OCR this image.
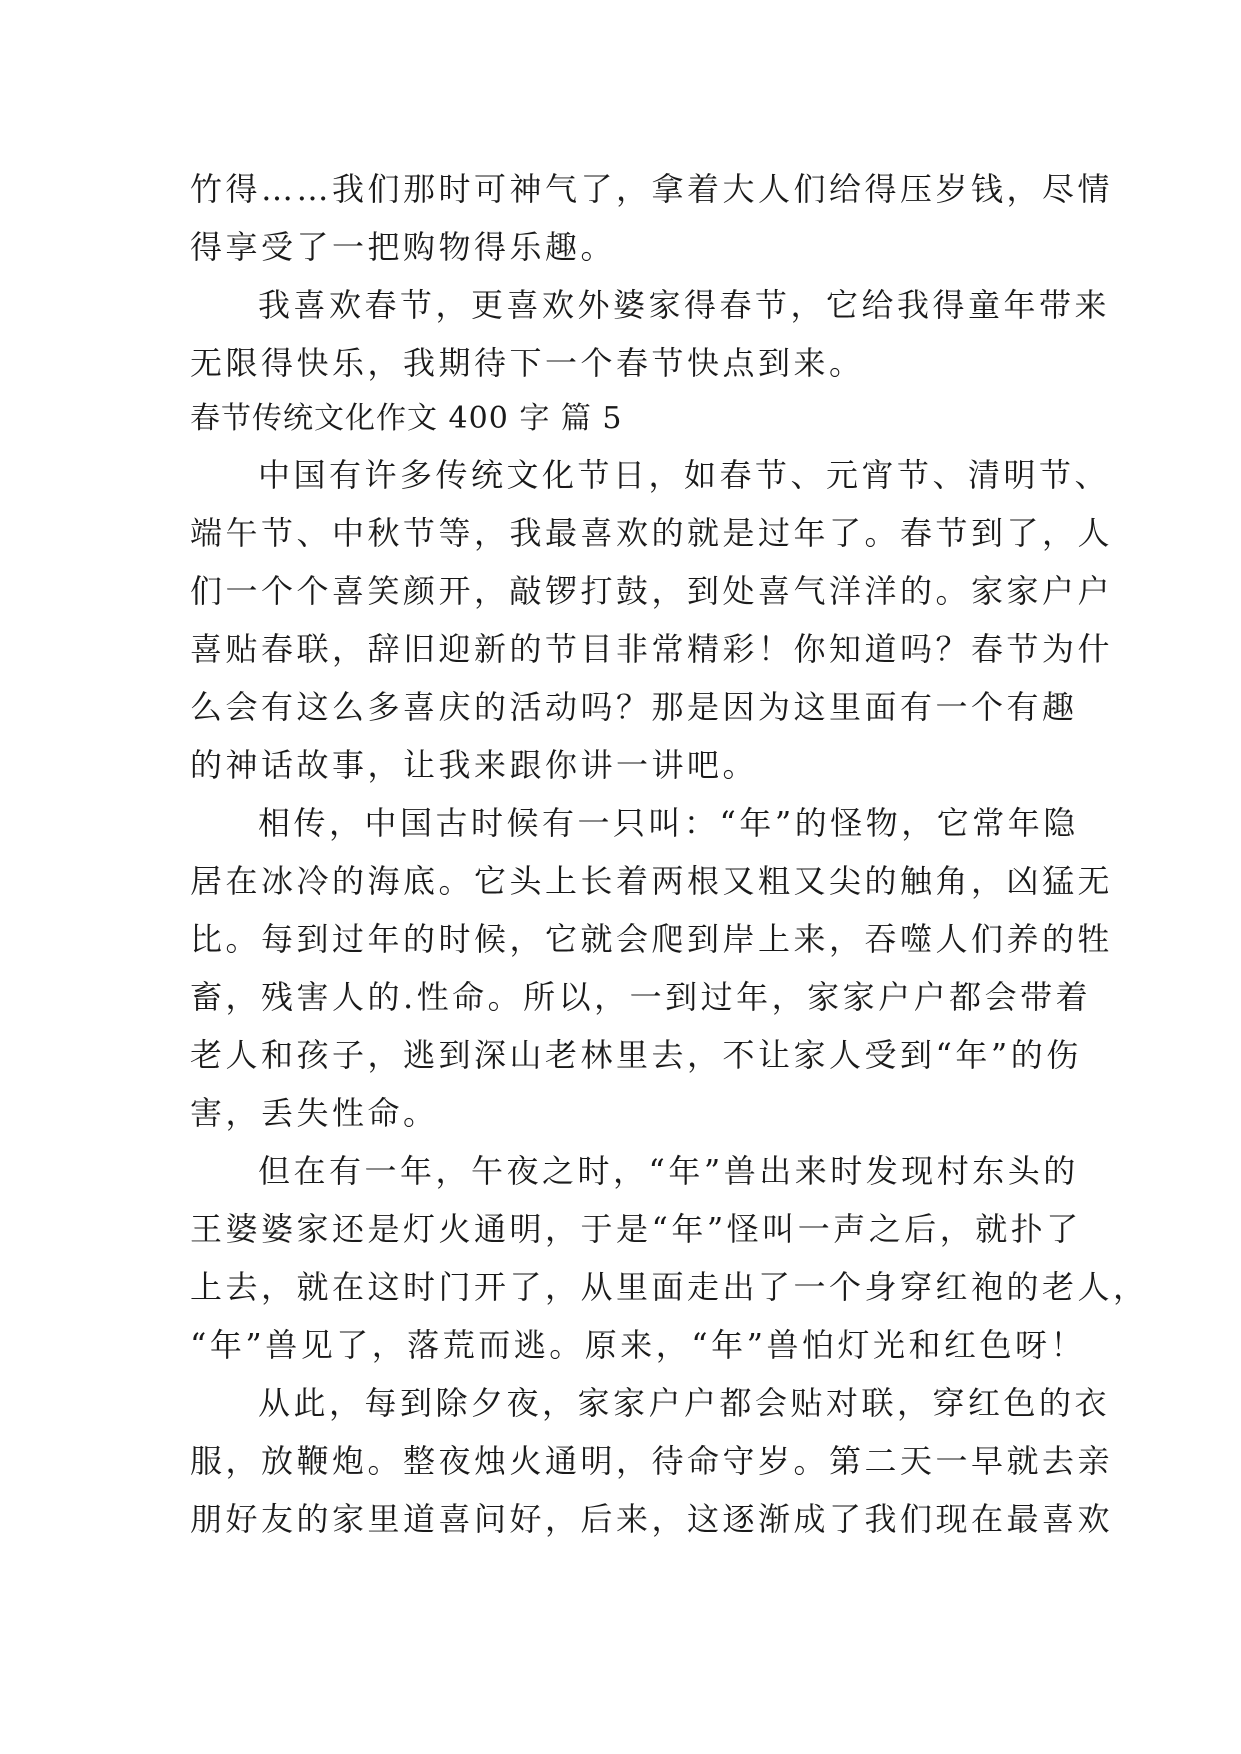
竹得……我们那时可神气了，拿着大人们给得压岁钱，尽情
得享受了一把购物得乐趣。
我喜欢春节，更喜欢外婆家得春节，它给我得童年带来
无限得快乐，我期待下一个春节快点到来。
春节传统文化作文 400 字 篇 5
中国有许多传统文化节日，如春节、元宵节、清明节、
端午节、中秋节等，我最喜欢的就是过年了。春节到了，人
们一个个喜笑颜开，敲锣打鼓，到处喜气洋洋的。家家户户
喜贴春联，辞旧迎新的节目非常精彩！你知道吗？春节为什
么会有这么多喜庆的活动吗？那是因为这里面有一个有趣
的神话故事，让我来跟你讲一讲吧。
相传，中国古时候有一只叫：“年”的怪物，它常年隐
居在冰冷的海底。它头上长着两根又粗又尖的触角，凶猛无
比。每到过年的时候，它就会爬到岸上来，吞噬人们养的牲
畜，残害人的.性命。所以，一到过年，家家户户都会带着
老人和孩子，逃到深山老林里去，不让家人受到“年”的伤
害，丢失性命。
但在有一年，午夜之时，“年”兽出来时发现村东头的
王婆婆家还是灯火通明，于是“年”怪叫一声之后，就扑了
上去，就在这时门开了，从里面走出了一个身穿红袍的老人，
“年”兽见了，落荒而逃。原来，“年”兽怕灯光和红色呀！
从此，每到除夕夜，家家户户都会贴对联，穿红色的衣
服，放鞭炮。整夜烛火通明，待命守岁。第二天一早就去亲
朋好友的家里道喜问好，后来，这逐渐成了我们现在最喜欢
